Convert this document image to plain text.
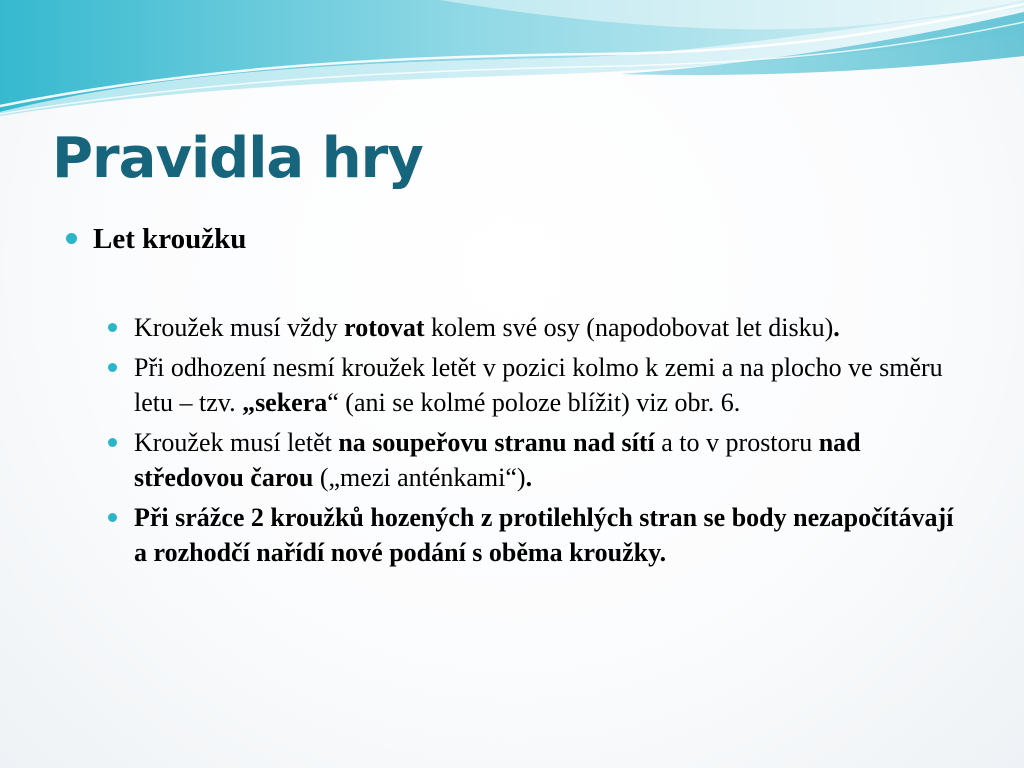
Pravidla hry
Let kroužku
Kroužek musí vždy rotovat kolem své osy (napodobovat let disku).
Při odhození nesmí kroužek letět v pozici kolmo k zemi a na plocho ve směru letu – tzv. „sekera“ (ani se kolmé poloze blížit) viz obr. 6.
Kroužek musí letět na soupeřovu stranu nad sítí a to v prostoru nad středovou čarou („mezi anténkami“).
Při srážce 2 kroužků hozených z protilehlých stran se body nezapočítávají a rozhodčí nařídí nové podání s oběma kroužky.
